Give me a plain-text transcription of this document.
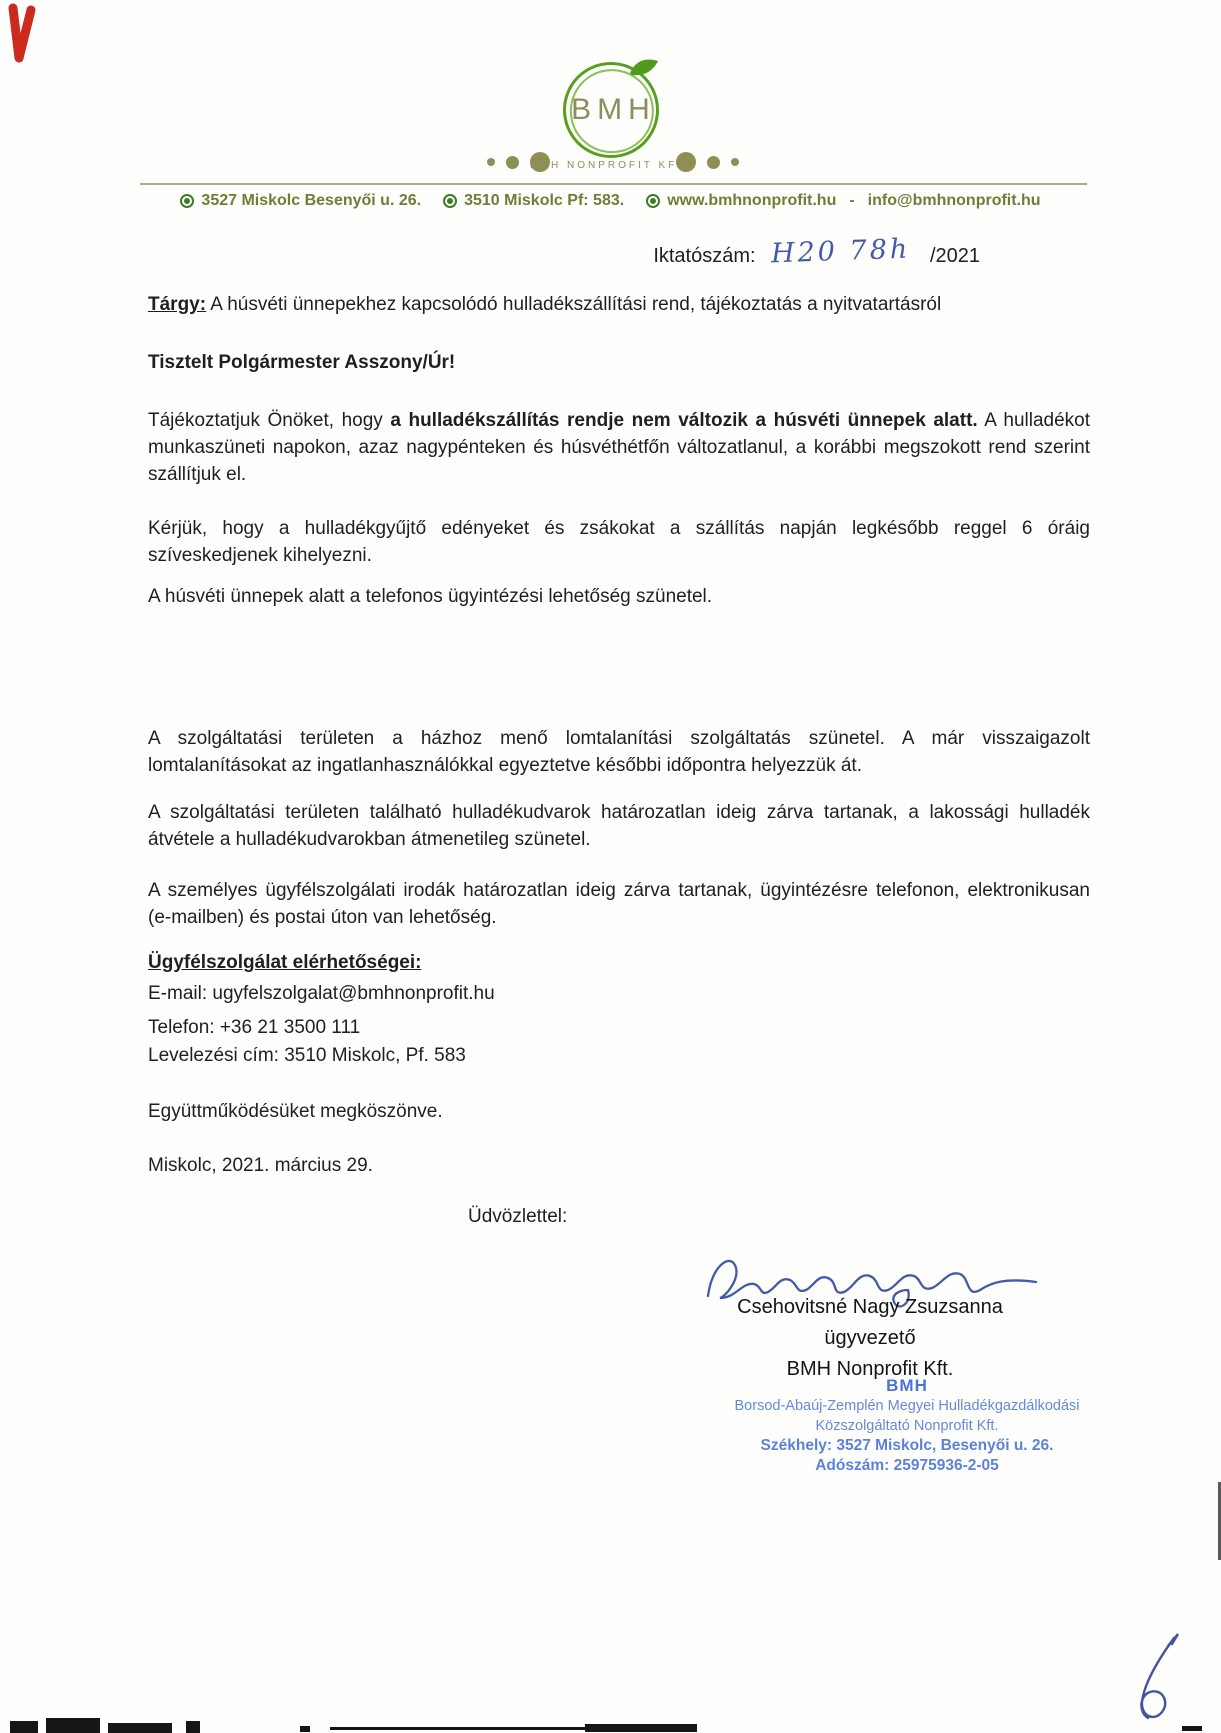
BMH
BMH NONPROFIT KFT.
3527 Miskolc Besenyői u. 26.	3510 Miskolc Pf: 583.	www.bmhnonprofit.hu - info@bmhnonprofit.hu
Iktatószám: H20 78h /2021
Tárgy: A húsvéti ünnepekhez kapcsolódó hulladékszállítási rend, tájékoztatás a nyitvatartásról
Tisztelt Polgármester Asszony/Úr!
Tájékoztatjuk Önöket, hogy a hulladékszállítás rendje nem változik a húsvéti ünnepek alatt. A hulladékot munkaszüneti napokon, azaz nagypénteken és húsvéthétfőn változatlanul, a korábbi megszokott rend szerint szállítjuk el.
Kérjük, hogy a hulladékgyűjtő edényeket és zsákokat a szállítás napján legkésőbb reggel 6 óráig szíveskedjenek kihelyezni.
A húsvéti ünnepek alatt a telefonos ügyintézési lehetőség szünetel.
A szolgáltatási területen a házhoz menő lomtalanítási szolgáltatás szünetel. A már visszaigazolt lomtalanításokat az ingatlanhasználókkal egyeztetve későbbi időpontra helyezzük át.
A szolgáltatási területen található hulladékudvarok határozatlan ideig zárva tartanak, a lakossági hulladék átvétele a hulladékudvarokban átmenetileg szünetel.
A személyes ügyfélszolgálati irodák határozatlan ideig zárva tartanak, ügyintézésre telefonon, elektronikusan (e-mailben) és postai úton van lehetőség.
Ügyfélszolgálat elérhetőségei:
E-mail: ugyfelszolgalat@bmhnonprofit.hu
Telefon: +36 21 3500 111
Levelezési cím: 3510 Miskolc, Pf. 583
Együttműködésüket megköszönve.
Miskolc, 2021. március 29.
Üdvözlettel:
Csehovitsné Nagy Zsuzsanna
ügyvezető
BMH Nonprofit Kft.
BMH
Borsod-Abaúj-Zemplén Megyei Hulladékgazdálkodási
Közszolgáltató Nonprofit Kft.
Székhely: 3527 Miskolc, Besenyői u. 26.
Adószám: 25975936-2-05
